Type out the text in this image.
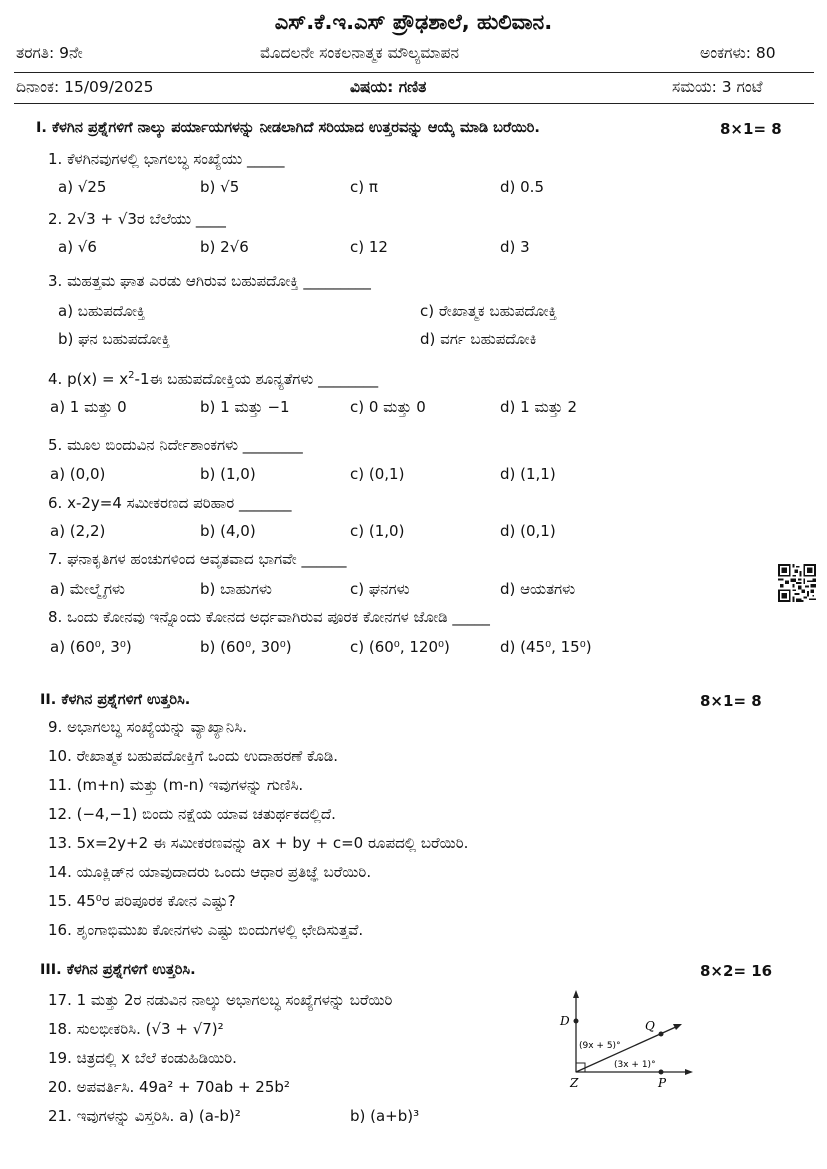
ಎಸ್.ಕೆ.ಇ.ಎಸ್ ಪ್ರೌಢಶಾಲೆ, ಹುಲಿವಾನ.
ತರಗತಿ: 9ನೇ	ಮೊದಲನೇ ಸಂಕಲನಾತ್ಮಕ ಮೌಲ್ಯಮಾಪನ	ಅಂಕಗಳು: 80
ದಿನಾಂಕ: 15/09/2025	ವಿಷಯ: ಗಣಿತ	ಸಮಯ: 3 ಗಂಟೆ
I. ಕೆಳಗಿನ ಪ್ರಶ್ನೆಗಳಿಗೆ ನಾಲ್ಕು ಪರ್ಯಾಯಗಳನ್ನು ನೀಡಲಾಗಿದೆ ಸರಿಯಾದ ಉತ್ತರವನ್ನು ಆಯ್ಕೆ ಮಾಡಿ ಬರೆಯಿರಿ.	8×1= 8
1. ಕೆಳಗಿನವುಗಳಲ್ಲಿ ಭಾಗಲಬ್ಧ ಸಂಖ್ಯೆಯು _____
a) √25	b) √5	c) π	d) 0.5
2. 2√3 + √3ರ ಬೆಲೆಯು ____
a) √6	b) 2√6	c) 12	d) 3
3. ಮಹತ್ತಮ ಘಾತ ಎರಡು ಆಗಿರುವ ಬಹುಪದೋಕ್ತಿ _________
a) ಬಹುಪದೋಕ್ತಿ	c) ರೇಖಾತ್ಮಕ ಬಹುಪದೋಕ್ತಿ
b) ಘನ ಬಹುಪದೋಕ್ತಿ	d) ವರ್ಗ ಬಹುಪದೋಕಿ
4. $p(x) = x^2-1ಈ$ ಬಹುಪದೋಕ್ತಿಯ ಶೂನ್ಯತೆಗಳು ________
a) 1 ಮತ್ತು 0	b) 1 ಮತ್ತು −1	c) 0 ಮತ್ತು 0	d) 1 ಮತ್ತು 2
5. ಮೂಲ ಬಿಂದುವಿನ ನಿರ್ದೇಶಾಂಕಗಳು ________
a) (0,0)	b) (1,0)	c) (0,1)	d) (1,1)
6. x-2y=4 ಸಮೀಕರಣದ ಪರಿಹಾರ _______
a) (2,2)	b) (4,0)	c) (1,0)	d) (0,1)
7. ಘನಾಕೃತಿಗಳ ಹಂಚುಗಳಿಂದ ಆವೃತವಾದ ಭಾಗವೇ ______
a) ಮೇಲ್ಮೈಗಳು	b) ಬಾಹುಗಳು	c) ಘನಗಳು	d) ಆಯತಗಳು
8. ಒಂದು ಕೋನವು ಇನ್ನೊಂದು ಕೋನದ ಅರ್ಧವಾಗಿರುವ ಪೂರಕ ಕೋನಗಳ ಜೋಡಿ _____
a) (60⁰, 3⁰)	b) (60⁰, 30⁰)	c) (60⁰, 120⁰)	d) (45⁰, 15⁰)
II. ಕೆಳಗಿನ ಪ್ರಶ್ನೆಗಳಿಗೆ ಉತ್ತರಿಸಿ.	8×1= 8
9. ಅಭಾಗಲಬ್ಧ ಸಂಖ್ಯೆಯನ್ನು ವ್ಯಾಖ್ಯಾನಿಸಿ.
10. ರೇಖಾತ್ಮಕ ಬಹುಪದೋಕ್ತಿಗೆ ಒಂದು ಉದಾಹರಣೆ ಕೊಡಿ.
11. (m+n) ಮತ್ತು (m-n) ಇವುಗಳನ್ನು ಗುಣಿಸಿ.
12. (−4,−1) ಬಿಂದು ನಕ್ಷೆಯ ಯಾವ ಚತುರ್ಥಕದಲ್ಲಿದೆ.
13. 5x=2y+2 ಈ ಸಮೀಕರಣವನ್ನು ax + by + c=0 ರೂಪದಲ್ಲಿ ಬರೆಯಿರಿ.
14. ಯೂಕ್ಲಿಡ್‌ನ ಯಾವುದಾದರು ಒಂದು ಆಧಾರ ಪ್ರತಿಜ್ಞೆ ಬರೆಯಿರಿ.
15. 45⁰ರ ಪರಿಪೂರಕ ಕೋನ ಎಷ್ಟು?
16. ಶೃಂಗಾಭಿಮುಖ ಕೋನಗಳು ಎಷ್ಟು ಬಿಂದುಗಳಲ್ಲಿ ಛೇದಿಸುತ್ತವೆ.
III. ಕೆಳಗಿನ ಪ್ರಶ್ನೆಗಳಿಗೆ ಉತ್ತರಿಸಿ.	8×2= 16
17. 1 ಮತ್ತು 2ರ ನಡುವಿನ ನಾಲ್ಕು ಅಭಾಗಲಬ್ಧ ಸಂಖ್ಯೆಗಳನ್ನು ಬರೆಯಿರಿ
18. ಸುಲಭೀಕರಿಸಿ. (√3 + √7)²
19. ಚಿತ್ರದಲ್ಲಿ x ಬೆಲೆ ಕಂಡುಹಿಡಿಯಿರಿ.
20. ಅಪವರ್ತಿಸಿ. 49a² + 70ab + 25b²
21. ಇವುಗಳನ್ನು ವಿಸ್ತರಿಸಿ. a) (a-b)²	b) (a+b)³
D	Q
Z	P
(9x + 5)°
(3x + 1)°
